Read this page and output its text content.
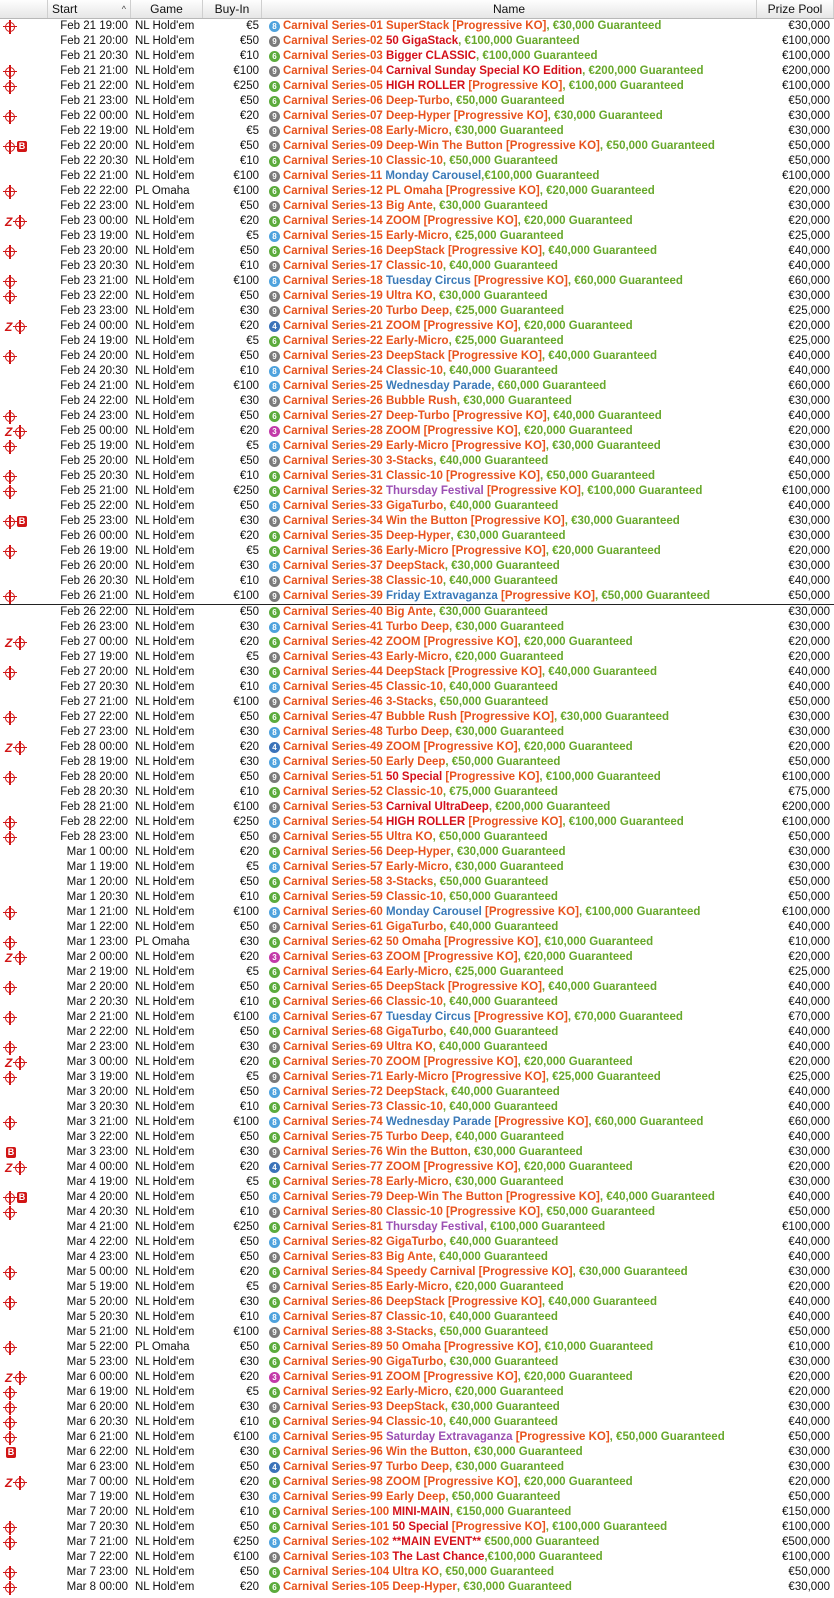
Start	^	Game	Buy-In	Name	Prize Pool
Feb 21 19:00 NL Hold'em	€5	8 Carnival Series- 01
SuperStack
[Progressive KO] , €30,000 Guaranteed	€30,000
Feb 21 20:00 NL Hold'em	€50	9 Carnival Series- 02
50 GigaStack , €100,000 Guaranteed	€100,000
Feb 21 20:30 NL Hold'em	€10	6 Carnival Series- 03
Bigger CLASSIC , €100,000 Guaranteed	€100,000
Feb 21 21:00 NL Hold'em	€100	9 Carnival Series- 04
Carnival Sunday Special KO Edition , €200,000 Guaranteed	€200,000
Feb 21 22:00 NL Hold'em	€250	6 Carnival Series- 05
HIGH ROLLER
[Progressive KO] , €100,000 Guaranteed	€100,000
Feb 21 23:00 NL Hold'em	€50	6 Carnival Series- 06
Deep-Turbo , €50,000 Guaranteed	€50,000
Feb 22 00:00 NL Hold'em	€20	9 Carnival Series- 07
Deep-Hyper
[Progressive KO] , €30,000 Guaranteed	€30,000
Feb 22 19:00 NL Hold'em	€5	9 Carnival Series- 08
Early-Micro , €30,000 Guaranteed	€30,000
B	Feb 22 20:00 NL Hold'em	€50	9 Carnival Series- 09
Deep-Win The Button
[Progressive KO] , €50,000 Guaranteed	€50,000
Feb 22 20:30 NL Hold'em	€10	6 Carnival Series- 10
Classic-10 , €50,000 Guaranteed	€50,000
Feb 22 21:00 NL Hold'em	€100	9 Carnival Series- 11
Monday Carousel ,€100,000 Guaranteed	€100,000
Feb 22 22:00 PL Omaha	€100	6 Carnival Series- 12
PL Omaha
[Progressive KO] , €20,000 Guaranteed	€20,000
Feb 22 23:00 NL Hold'em	€50	9 Carnival Series- 13
Big Ante , €30,000 Guaranteed	€30,000
Z	Feb 23 00:00 NL Hold'em	€20	6 Carnival Series- 14
ZOOM
[Progressive KO] , €20,000 Guaranteed	€20,000
Feb 23 19:00 NL Hold'em	€5	8 Carnival Series- 15
Early-Micro , €25,000 Guaranteed	€25,000
Feb 23 20:00 NL Hold'em	€50	6 Carnival Series- 16
DeepStack
[Progressive KO] , €40,000 Guaranteed	€40,000
Feb 23 20:30 NL Hold'em	€10	9 Carnival Series- 17
Classic-10 , €40,000 Guaranteed	€40,000
Feb 23 21:00 NL Hold'em	€100	8 Carnival Series- 18
Tuesday Circus
[Progressive KO] , €60,000 Guaranteed	€60,000
Feb 23 22:00 NL Hold'em	€50	9 Carnival Series- 19
Ultra KO , €30,000 Guaranteed	€30,000
Feb 23 23:00 NL Hold'em	€30	9 Carnival Series- 20
Turbo Deep , €25,000 Guaranteed	€25,000
Z	Feb 24 00:00 NL Hold'em	€20	4 Carnival Series- 21
ZOOM
[Progressive KO] , €20,000 Guaranteed	€20,000
Feb 24 19:00 NL Hold'em	€5	6 Carnival Series- 22
Early-Micro , €25,000 Guaranteed	€25,000
Feb 24 20:00 NL Hold'em	€50	9 Carnival Series- 23
DeepStack
[Progressive KO] , €40,000 Guaranteed	€40,000
Feb 24 20:30 NL Hold'em	€10	8 Carnival Series- 24
Classic-10 , €40,000 Guaranteed	€40,000
Feb 24 21:00 NL Hold'em	€100	8 Carnival Series- 25
Wednesday Parade , €60,000 Guaranteed	€60,000
Feb 24 22:00 NL Hold'em	€30	9 Carnival Series- 26
Bubble Rush , €30,000 Guaranteed	€30,000
Feb 24 23:00 NL Hold'em	€50	6 Carnival Series- 27
Deep-Turbo
[Progressive KO] , €40,000 Guaranteed	€40,000
Z	Feb 25 00:00 NL Hold'em	€20	3 Carnival Series- 28
ZOOM
[Progressive KO] , €20,000 Guaranteed	€20,000
Feb 25 19:00 NL Hold'em	€5	8 Carnival Series- 29
Early-Micro
[Progressive KO] , €30,000 Guaranteed	€30,000
Feb 25 20:00 NL Hold'em	€50	9 Carnival Series- 30
3-Stacks , €40,000 Guaranteed	€40,000
Feb 25 20:30 NL Hold'em	€10	6 Carnival Series- 31
Classic-10
[Progressive KO] , €50,000 Guaranteed	€50,000
Feb 25 21:00 NL Hold'em	€250	6 Carnival Series- 32
Thursday Festival
[Progressive KO] , €100,000 Guaranteed	€100,000
Feb 25 22:00 NL Hold'em	€50	8 Carnival Series- 33
GigaTurbo , €40,000 Guaranteed	€40,000
B	Feb 25 23:00 NL Hold'em	€30	9 Carnival Series- 34
Win the Button
[Progressive KO] , €30,000 Guaranteed	€30,000
Feb 26 00:00 NL Hold'em	€20	6 Carnival Series- 35
Deep-Hyper , €30,000 Guaranteed	€30,000
Feb 26 19:00 NL Hold'em	€5	6 Carnival Series- 36
Early-Micro
[Progressive KO] , €20,000 Guaranteed	€20,000
Feb 26 20:00 NL Hold'em	€30	8 Carnival Series- 37
DeepStack , €30,000 Guaranteed	€30,000
Feb 26 20:30 NL Hold'em	€10	9 Carnival Series- 38
Classic-10 , €40,000 Guaranteed	€40,000
Feb 26 21:00 NL Hold'em	€100	9 Carnival Series- 39
Friday Extravaganza
[Progressive KO] , €50,000 Guaranteed	€50,000
Feb 26 22:00 NL Hold'em	€50	6 Carnival Series- 40
Big Ante , €30,000 Guaranteed	€30,000
Feb 26 23:00 NL Hold'em	€30	8 Carnival Series- 41
Turbo Deep , €30,000 Guaranteed	€30,000
Z	Feb 27 00:00 NL Hold'em	€20	6 Carnival Series- 42
ZOOM
[Progressive KO] , €20,000 Guaranteed	€20,000
Feb 27 19:00 NL Hold'em	€5	9 Carnival Series- 43
Early-Micro , €20,000 Guaranteed	€20,000
Feb 27 20:00 NL Hold'em	€30	6 Carnival Series- 44
DeepStack
[Progressive KO] , €40,000 Guaranteed	€40,000
Feb 27 20:30 NL Hold'em	€10	8 Carnival Series- 45
Classic-10 , €40,000 Guaranteed	€40,000
Feb 27 21:00 NL Hold'em	€100	9 Carnival Series- 46
3-Stacks , €50,000 Guaranteed	€50,000
Feb 27 22:00 NL Hold'em	€50	6 Carnival Series- 47
Bubble Rush
[Progressive KO] , €30,000 Guaranteed	€30,000
Feb 27 23:00 NL Hold'em	€30	8 Carnival Series- 48
Turbo Deep , €30,000 Guaranteed	€30,000
Z	Feb 28 00:00 NL Hold'em	€20	4 Carnival Series- 49
ZOOM
[Progressive KO] , €20,000 Guaranteed	€20,000
Feb 28 19:00 NL Hold'em	€30	8 Carnival Series- 50
Early Deep , €50,000 Guaranteed	€50,000
Feb 28 20:00 NL Hold'em	€50	9 Carnival Series- 51
50 Special
[Progressive KO] , €100,000 Guaranteed	€100,000
Feb 28 20:30 NL Hold'em	€10	6 Carnival Series- 52
Classic-10 , €75,000 Guaranteed	€75,000
Feb 28 21:00 NL Hold'em	€100	9 Carnival Series- 53
Carnival UltraDeep , €200,000 Guaranteed	€200,000
Feb 28 22:00 NL Hold'em	€250	8 Carnival Series- 54
HIGH ROLLER
[Progressive KO] , €100,000 Guaranteed	€100,000
Feb 28 23:00 NL Hold'em	€50	9 Carnival Series- 55
Ultra KO , €50,000 Guaranteed	€50,000
Mar 1 00:00 NL Hold'em	€20	6 Carnival Series- 56
Deep-Hyper , €30,000 Guaranteed	€30,000
Mar 1 19:00 NL Hold'em	€5	8 Carnival Series- 57
Early-Micro , €30,000 Guaranteed	€30,000
Mar 1 20:00 NL Hold'em	€50	6 Carnival Series- 58
3-Stacks , €50,000 Guaranteed	€50,000
Mar 1 20:30 NL Hold'em	€10	6 Carnival Series- 59
Classic-10 , €50,000 Guaranteed	€50,000
Mar 1 21:00 NL Hold'em	€100	8 Carnival Series- 60
Monday Carousel
[Progressive KO] , €100,000 Guaranteed	€100,000
Mar 1 22:00 NL Hold'em	€50	9 Carnival Series- 61
GigaTurbo , €40,000 Guaranteed	€40,000
Mar 1 23:00 PL Omaha	€30	6 Carnival Series- 62
50 Omaha
[Progressive KO] , €10,000 Guaranteed	€10,000
Z	Mar 2 00:00 NL Hold'em	€20	3 Carnival Series- 63
ZOOM
[Progressive KO] , €20,000 Guaranteed	€20,000
Mar 2 19:00 NL Hold'em	€5	6 Carnival Series- 64
Early-Micro , €25,000 Guaranteed	€25,000
Mar 2 20:00 NL Hold'em	€50	6 Carnival Series- 65
DeepStack
[Progressive KO] , €40,000 Guaranteed	€40,000
Mar 2 20:30 NL Hold'em	€10	6 Carnival Series- 66
Classic-10 , €40,000 Guaranteed	€40,000
Mar 2 21:00 NL Hold'em	€100	8 Carnival Series- 67
Tuesday Circus
[Progressive KO] , €70,000 Guaranteed	€70,000
Mar 2 22:00 NL Hold'em	€50	6 Carnival Series- 68
GigaTurbo , €40,000 Guaranteed	€40,000
Mar 2 23:00 NL Hold'em	€30	9 Carnival Series- 69
Ultra KO , €40,000 Guaranteed	€40,000
Z	Mar 3 00:00 NL Hold'em	€20	6 Carnival Series- 70
ZOOM
[Progressive KO] , €20,000 Guaranteed	€20,000
Mar 3 19:00 NL Hold'em	€5	9 Carnival Series- 71
Early-Micro
[Progressive KO] , €25,000 Guaranteed	€25,000
Mar 3 20:00 NL Hold'em	€50	8 Carnival Series- 72
DeepStack , €40,000 Guaranteed	€40,000
Mar 3 20:30 NL Hold'em	€10	6 Carnival Series- 73
Classic-10 , €40,000 Guaranteed	€40,000
Mar 3 21:00 NL Hold'em	€100	8 Carnival Series- 74
Wednesday Parade
[Progressive KO] , €60,000 Guaranteed	€60,000
Mar 3 22:00 NL Hold'em	€50	6 Carnival Series- 75
Turbo Deep , €40,000 Guaranteed	€40,000
B	Mar 3 23:00 NL Hold'em	€30	9 Carnival Series- 76
Win the Button , €30,000 Guaranteed	€30,000
Z	Mar 4 00:00 NL Hold'em	€20	4 Carnival Series- 77
ZOOM
[Progressive KO] , €20,000 Guaranteed	€20,000
Mar 4 19:00 NL Hold'em	€5	6 Carnival Series- 78
Early-Micro , €30,000 Guaranteed	€30,000
B	Mar 4 20:00 NL Hold'em	€50	8 Carnival Series- 79
Deep-Win The Button
[Progressive KO] , €40,000 Guaranteed	€40,000
Mar 4 20:30 NL Hold'em	€10	9 Carnival Series- 80
Classic-10
[Progressive KO] , €50,000 Guaranteed	€50,000
Mar 4 21:00 NL Hold'em	€250	6 Carnival Series- 81
Thursday Festival , €100,000 Guaranteed	€100,000
Mar 4 22:00 NL Hold'em	€50	8 Carnival Series- 82
GigaTurbo , €40,000 Guaranteed	€40,000
Mar 4 23:00 NL Hold'em	€50	9 Carnival Series- 83
Big Ante , €40,000 Guaranteed	€40,000
Mar 5 00:00 NL Hold'em	€20	6 Carnival Series- 84
Speedy Carnival
[Progressive KO] , €30,000 Guaranteed	€30,000
Mar 5 19:00 NL Hold'em	€5	9 Carnival Series- 85
Early-Micro , €20,000 Guaranteed	€20,000
Mar 5 20:00 NL Hold'em	€30	6 Carnival Series- 86
DeepStack
[Progressive KO] , €40,000 Guaranteed	€40,000
Mar 5 20:30 NL Hold'em	€10	8 Carnival Series- 87
Classic-10 , €40,000 Guaranteed	€40,000
Mar 5 21:00 NL Hold'em	€100	9 Carnival Series- 88
3-Stacks , €50,000 Guaranteed	€50,000
Mar 5 22:00 PL Omaha	€50	6 Carnival Series- 89
50 Omaha
[Progressive KO] , €10,000 Guaranteed	€10,000
Mar 5 23:00 NL Hold'em	€30	6 Carnival Series- 90
GigaTurbo , €30,000 Guaranteed	€30,000
Z	Mar 6 00:00 NL Hold'em	€20	3 Carnival Series- 91
ZOOM
[Progressive KO] , €20,000 Guaranteed	€20,000
Mar 6 19:00 NL Hold'em	€5	6 Carnival Series- 92
Early-Micro , €20,000 Guaranteed	€20,000
Mar 6 20:00 NL Hold'em	€30	9 Carnival Series- 93
DeepStack , €30,000 Guaranteed	€30,000
Mar 6 20:30 NL Hold'em	€10	6 Carnival Series- 94
Classic-10 , €40,000 Guaranteed	€40,000
Mar 6 21:00 NL Hold'em	€100	8 Carnival Series- 95
Saturday Extravaganza
[Progressive KO] , €50,000 Guaranteed	€50,000
B	Mar 6 22:00 NL Hold'em	€30	6 Carnival Series- 96
Win the Button , €30,000 Guaranteed	€30,000
Mar 6 23:00 NL Hold'em	€50	4 Carnival Series- 97
Turbo Deep , €30,000 Guaranteed	€30,000
Z	Mar 7 00:00 NL Hold'em	€20	6 Carnival Series- 98
ZOOM
[Progressive KO] , €20,000 Guaranteed	€20,000
Mar 7 19:00 NL Hold'em	€30	8 Carnival Series- 99
Early Deep , €50,000 Guaranteed	€50,000
Mar 7 20:00 NL Hold'em	€10	6 Carnival Series- 100
MINI-MAIN , €150,000 Guaranteed	€150,000
Mar 7 20:30 NL Hold'em	€50	6 Carnival Series- 101
50 Special
[Progressive KO] , €100,000 Guaranteed	€100,000
Mar 7 21:00 NL Hold'em	€250	8 Carnival Series- 102
**MAIN EVENT** €500,000 Guaranteed	€500,000
Mar 7 22:00 NL Hold'em	€100	9 Carnival Series- 103
The Last Chance ,€100,000 Guaranteed	€100,000
Mar 7 23:00 NL Hold'em	€50	6 Carnival Series- 104
Ultra KO , €50,000 Guaranteed	€50,000
Mar 8 00:00 NL Hold'em	€20	6 Carnival Series- 105
Deep-Hyper , €30,000 Guaranteed	€30,000
